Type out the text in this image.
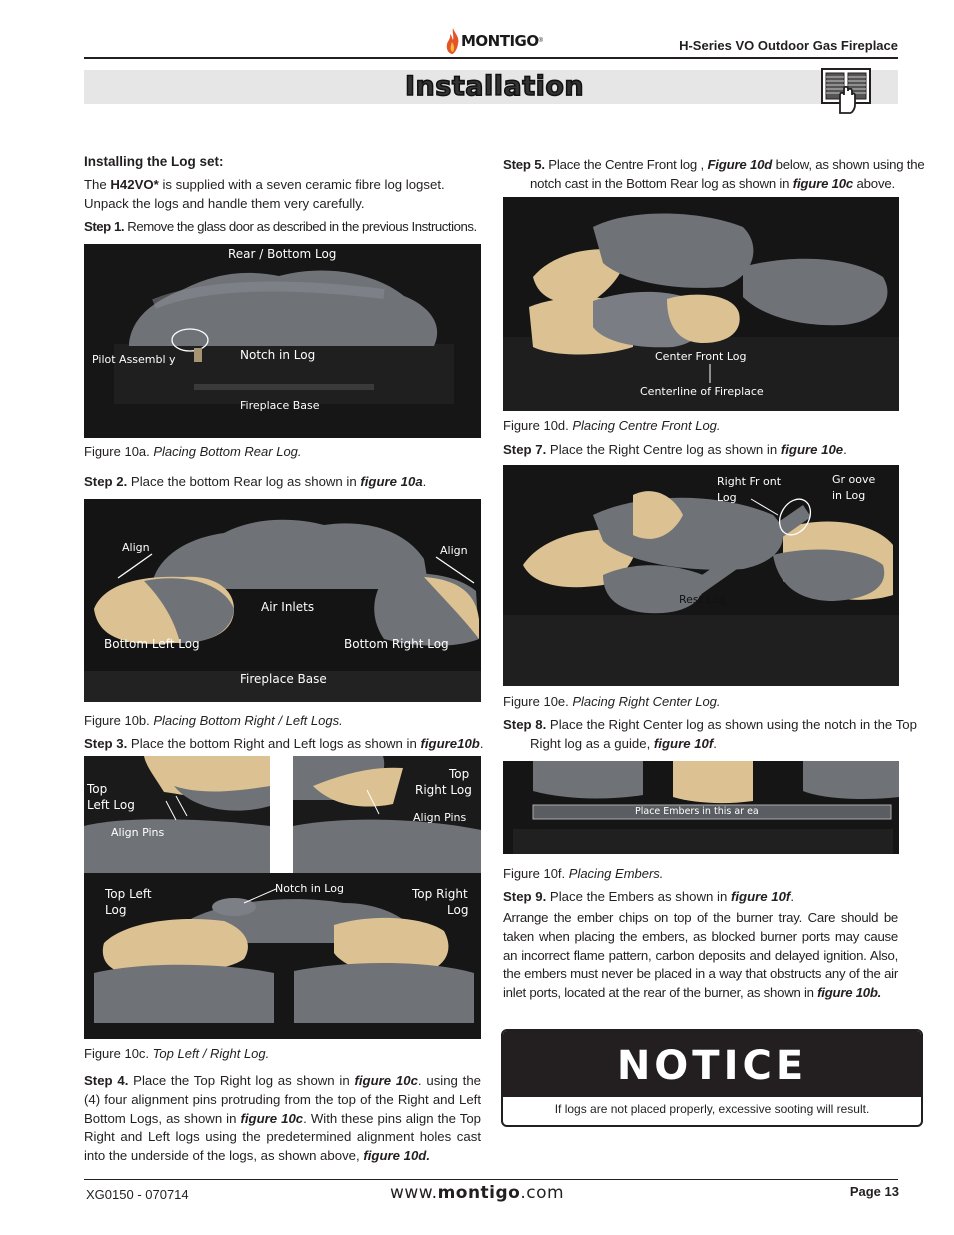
MONTIGO ®	H-Series VO Outdoor Gas Fireplace
Installation
Installing the Log set:

The H42VO* is supplied with a seven ceramic fibre log logset. Unpack the logs and handle them very carefully.

Step 1. Remove the glass door as described in the previous Instructions.

Rear / Bottom Log
Pilot Assembl y	Notch in Log
Fireplace Base
Figure 10a. Placing Bottom Rear Log.

Step 2. Place the bottom Rear log as shown in figure 10a.

Align	Align
Air Inlets
Bottom Left Log	Bottom Right Log
Fireplace Base
Figure 10b. Placing Bottom Right / Left Logs.

Step 3. Place the bottom Right and Left logs as shown in figure10b.

Top
Left Log
Align Pins
Top
Right Log
Align Pins
Notch in Log
Top Left
Log
Top Right
Log
Figure 10c. Top Left / Right Log.

Step 4. Place the Top Right log as shown in figure 10c. using the (4) four alignment pins protruding from the top of the Right and Left Bottom Logs, as shown in figure 10c. With these pins align the Top Right and Left logs using the predetermined alignment holes cast into the underside of the logs, as shown above, figure 10d.

Step 5. Place the Centre Front log , Figure 10d below, as shown using the notch cast in the Bottom Rear log as shown in figure 10c above.

Center Front Log
Centerline of Fireplace
Figure 10d. Placing Centre Front Log.

Step 7. Place the Right Centre log as shown in figure 10e.

Right Fr ont
Log
Gr oove
in Log
Rest Log
Figure 10e. Placing Right Center Log.

Step 8. Place the Right Center log as shown using the notch in the Top Right log as a guide, figure 10f.

Place Embers in this ar ea
Figure 10f. Placing Embers.

Step 9. Place the Embers as shown in figure 10f.

Arrange the ember chips on top of the burner tray. Care should be taken when placing the embers, as blocked burner ports may cause an incorrect flame pattern, carbon deposits and delayed ignition. Also, the embers must never be placed in a way that obstructs any of the air inlet ports, located at the rear of the burner, as shown in figure 10b.

NOTICE
If logs are not placed properly, excessive sooting will result.
XG0150 - 070714	www.montigo.com	Page 13
